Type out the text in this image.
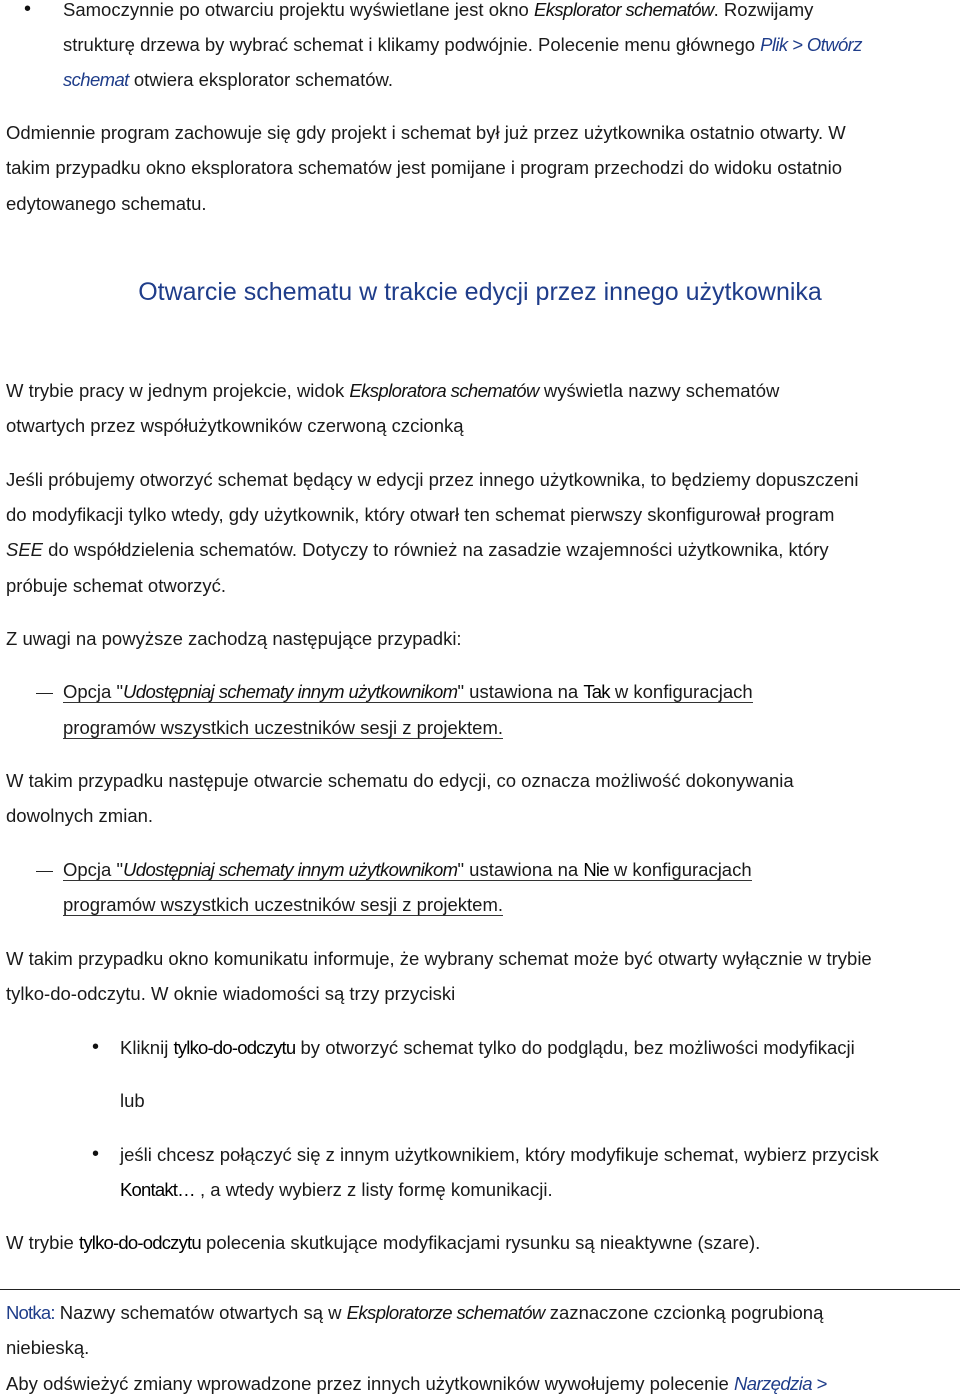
• Samoczynnie po otwarciu projektu wyświetlane jest okno Eksplorator schematów. Rozwijamy
strukturę drzewa by wybrać schemat i klikamy podwójnie. Polecenie menu głównego Plik > Otwórz
schemat otwiera eksplorator schematów.
Odmiennie program zachowuje się gdy projekt i schemat był już przez użytkownika ostatnio otwarty. W
takim przypadku okno eksploratora schematów jest pomijane i program przechodzi do widoku ostatnio
edytowanego schematu.
Otwarcie schematu w trakcie edycji przez innego użytkownika
W trybie pracy w jednym projekcie, widok Eksploratora schematów wyświetla nazwy schematów
otwartych przez współużytkowników czerwoną czcionką
Jeśli próbujemy otworzyć schemat będący w edycji przez innego użytkownika, to będziemy dopuszczeni
do modyfikacji tylko wtedy, gdy użytkownik, który otwarł ten schemat pierwszy skonfigurował program
SEE do współdzielenia schematów. Dotyczy to również na zasadzie wzajemności użytkownika, który
próbuje schemat otworzyć.
Z uwagi na powyższe zachodzą następujące przypadki:
Opcja "Udostępniaj schematy innym użytkownikom" ustawiona na Tak w konfiguracjach
programów wszystkich uczestników sesji z projektem.
W takim przypadku następuje otwarcie schematu do edycji, co oznacza możliwość dokonywania
dowolnych zmian.
Opcja "Udostępniaj schematy innym użytkownikom" ustawiona na Nie w konfiguracjach
programów wszystkich uczestników sesji z projektem.
W takim przypadku okno komunikatu informuje, że wybrany schemat może być otwarty wyłącznie w trybie
tylko-do-odczytu. W oknie wiadomości są trzy przyciski
• Kliknij tylko-do-odczytu by otworzyć schemat tylko do podglądu, bez możliwości modyfikacji
lub
• jeśli chcesz połączyć się z innym użytkownikiem, który modyfikuje schemat, wybierz przycisk
Kontakt… , a wtedy wybierz z listy formę komunikacji.
W trybie tylko-do-odczytu polecenia skutkujące modyfikacjami rysunku są nieaktywne (szare).
Notka: Nazwy schematów otwartych są w Eksploratorze schematów zaznaczone czcionką pogrubioną
niebieską.
Aby odświeżyć zmiany wprowadzone przez innych użytkowników wywołujemy polecenie Narzędzia >
